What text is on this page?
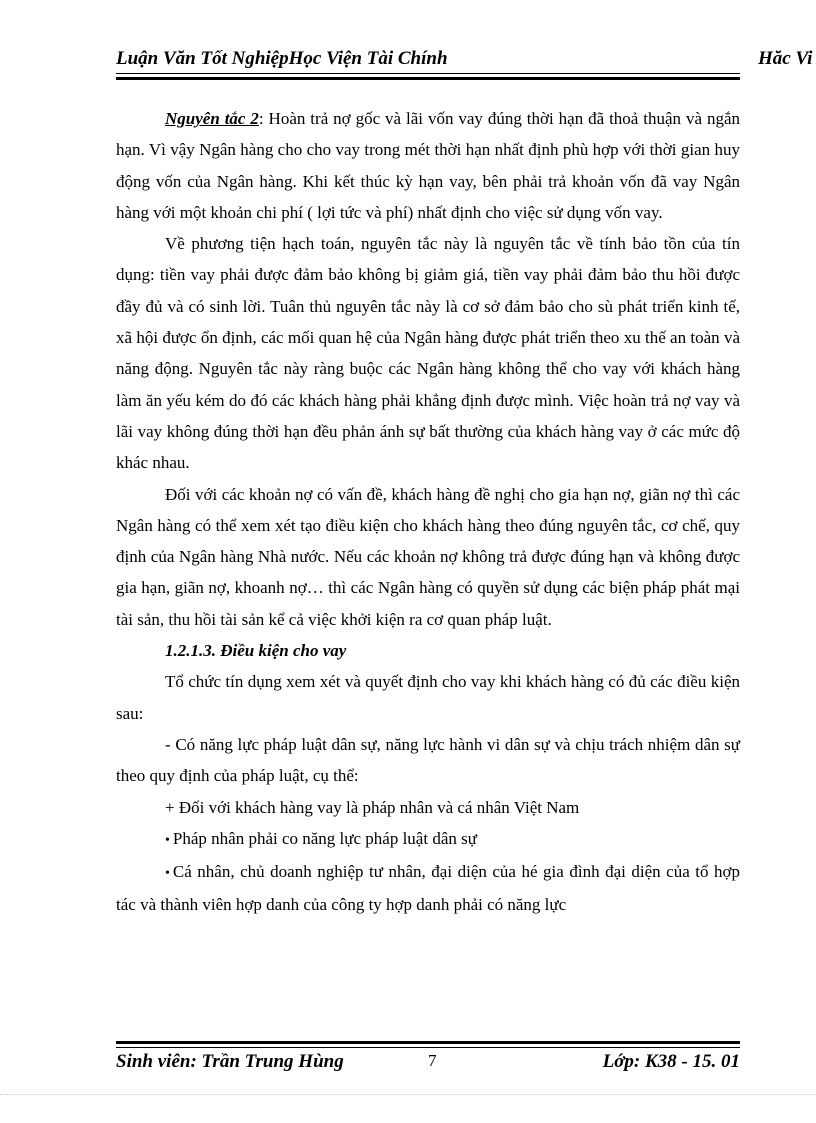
Luận Văn Tốt NghiệpHọc Viện Tài Chính	Hăc Vi

Nguyên tắc 2: Hoàn trả nợ gốc và lãi vốn vay đúng thời hạn đã thoả thuận và ngắn hạn. Vì vậy Ngân hàng cho cho vay trong mét thời hạn nhất định phù hợp với thời gian huy động vốn của Ngân hàng. Khi kết thúc kỳ hạn vay, bên phải trả khoản vốn đã vay Ngân hàng với một khoản chi phí ( lợi tức và phí) nhất định cho việc sử dụng vốn vay.

Về phương tiện hạch toán, nguyên tắc này là nguyên tắc về tính bảo tồn của tín dụng: tiền vay phải được đảm bảo không bị giảm giá, tiền vay phải đảm bảo thu hồi được đầy đủ và có sinh lời. Tuân thủ nguyên tắc này là cơ sở đảm bảo cho sù phát triển kinh tế, xã hội được ổn định, các mối quan hệ của Ngân hàng được phát triển theo xu thế an toàn và năng động. Nguyên tắc này ràng buộc các Ngân hàng không thể cho vay với khách hàng làm ăn yếu kém do đó các khách hàng phải khẳng định được mình. Việc hoàn trả nợ vay và lãi vay không đúng thời hạn đều phản ánh sự bất thường của khách hàng vay ở các mức độ khác nhau.

Đối với các khoản nợ có vấn đề, khách hàng đề nghị cho gia hạn nợ, giãn nợ thì các Ngân hàng có thể xem xét tạo điều kiện cho khách hàng theo đúng nguyên tắc, cơ chế, quy định của Ngân hàng Nhà nước. Nếu các khoản nợ không trả được đúng hạn và không được gia hạn, giãn nợ, khoanh nợ… thì các Ngân hàng có quyền sử dụng các biện pháp phát mại tài sản, thu hồi tài sản kể cả việc khởi kiện ra cơ quan pháp luật.

1.2.1.3. Điều kiện cho vay

Tổ chức tín dụng xem xét và quyết định cho vay khi khách hàng có đủ các điều kiện sau:

- Có năng lực pháp luật dân sự, năng lực hành vi dân sự và chịu trách nhiệm dân sự theo quy định của pháp luật, cụ thể:

+ Đối với khách hàng vay là pháp nhân và cá nhân Việt Nam

• Pháp nhân phải co năng lực pháp luật dân sự

• Cá nhân, chủ doanh nghiệp tư nhân, đại diện của hé gia đình đại diện của tổ hợp tác và thành viên hợp danh của công ty hợp danh phải có năng lực

Sinh viên: Trần Trung Hùng	7	Lớp: K38 - 15. 01
